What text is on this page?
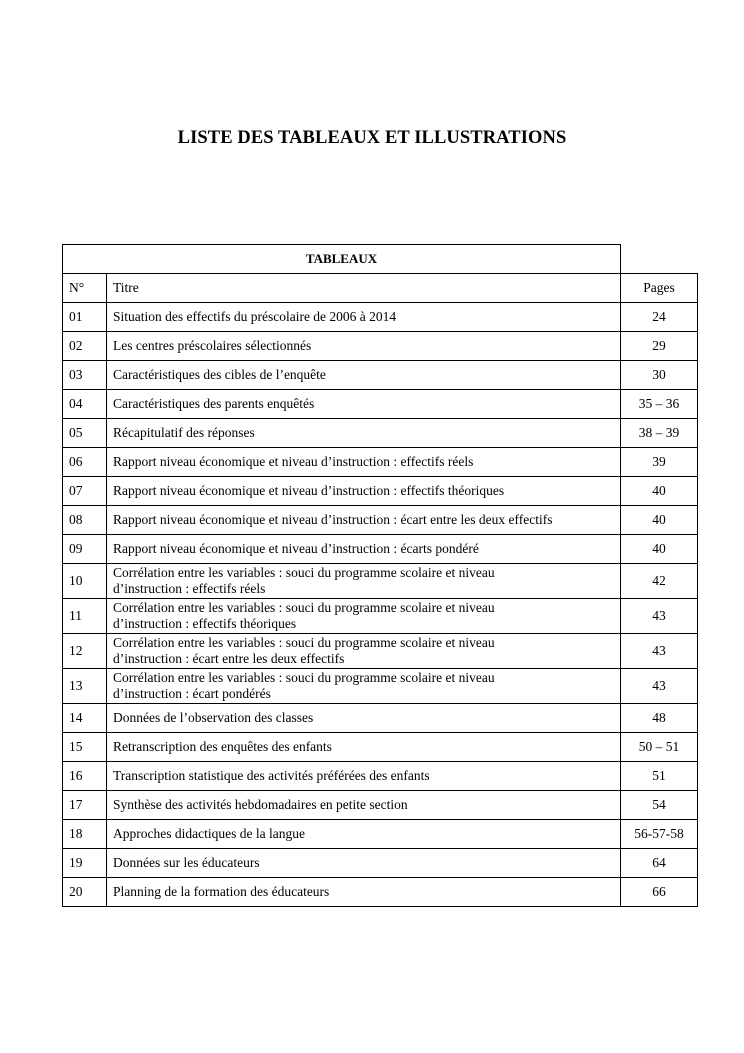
LISTE DES TABLEAUX ET ILLUSTRATIONS
TABLEAUX		
N°	Titre	Pages
01	Situation des effectifs du préscolaire de 2006 à 2014	24
02	Les centres préscolaires sélectionnés	29
03	Caractéristiques des cibles de l’enquête	30
04	Caractéristiques des parents enquêtés	35 – 36
05	Récapitulatif des réponses	38 – 39
06	Rapport niveau économique et niveau d’instruction : effectifs réels	39
07	Rapport niveau économique et niveau d’instruction : effectifs théoriques	40
08	Rapport niveau économique et niveau d’instruction : écart entre les deux effectifs	40
09	Rapport niveau économique et niveau d’instruction : écarts pondéré	40
10	Corrélation entre les variables : souci du programme scolaire et niveau
d’instruction : effectifs réels	42
11	Corrélation entre les variables : souci du programme scolaire et niveau
d’instruction : effectifs théoriques	43
12	Corrélation entre les variables : souci du programme scolaire et niveau
d’instruction : écart entre les deux effectifs	43
13	Corrélation entre les variables : souci du programme scolaire et niveau
d’instruction : écart pondérés	43
14	Données de l’observation des classes	48
15	Retranscription des enquêtes des enfants	50 – 51
16	Transcription statistique des activités préférées des enfants	51
17	Synthèse des activités hebdomadaires en petite section	54
18	Approches didactiques de la langue	56-57-58
19	Données sur les éducateurs	64
20	Planning de la formation des éducateurs	66
